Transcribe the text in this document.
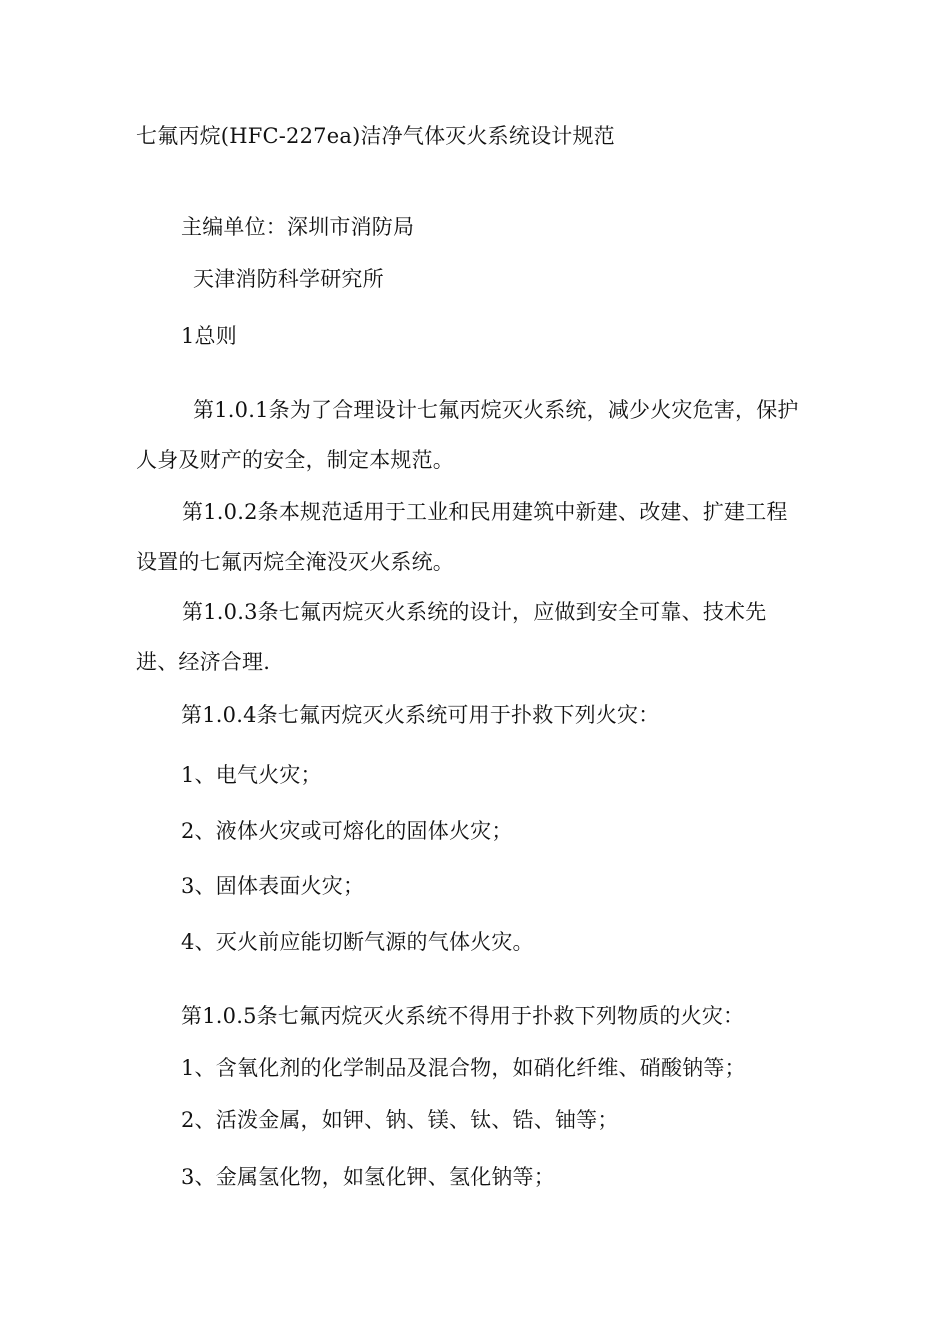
七氟丙烷(HFC-227ea)洁净气体灭火系统设计规范
主编单位：深圳市消防局
天津消防科学研究所
1总则
第1.0.1条为了合理设计七氟丙烷灭火系统，减少火灾危害，保护人身及财产的安全，制定本规范。
第1.0.2条本规范适用于工业和民用建筑中新建、改建、扩建工程设置的七氟丙烷全淹没灭火系统。
第1.0.3条七氟丙烷灭火系统的设计，应做到安全可靠、技术先进、经济合理.
第1.0.4条七氟丙烷灭火系统可用于扑救下列火灾：
1、电气火灾；
2、液体火灾或可熔化的固体火灾；
3、固体表面火灾；
4、灭火前应能切断气源的气体火灾。
第1.0.5条七氟丙烷灭火系统不得用于扑救下列物质的火灾：
1、含氧化剂的化学制品及混合物，如硝化纤维、硝酸钠等；
2、活泼金属，如钾、钠、镁、钛、锆、铀等；
3、金属氢化物，如氢化钾、氢化钠等；
